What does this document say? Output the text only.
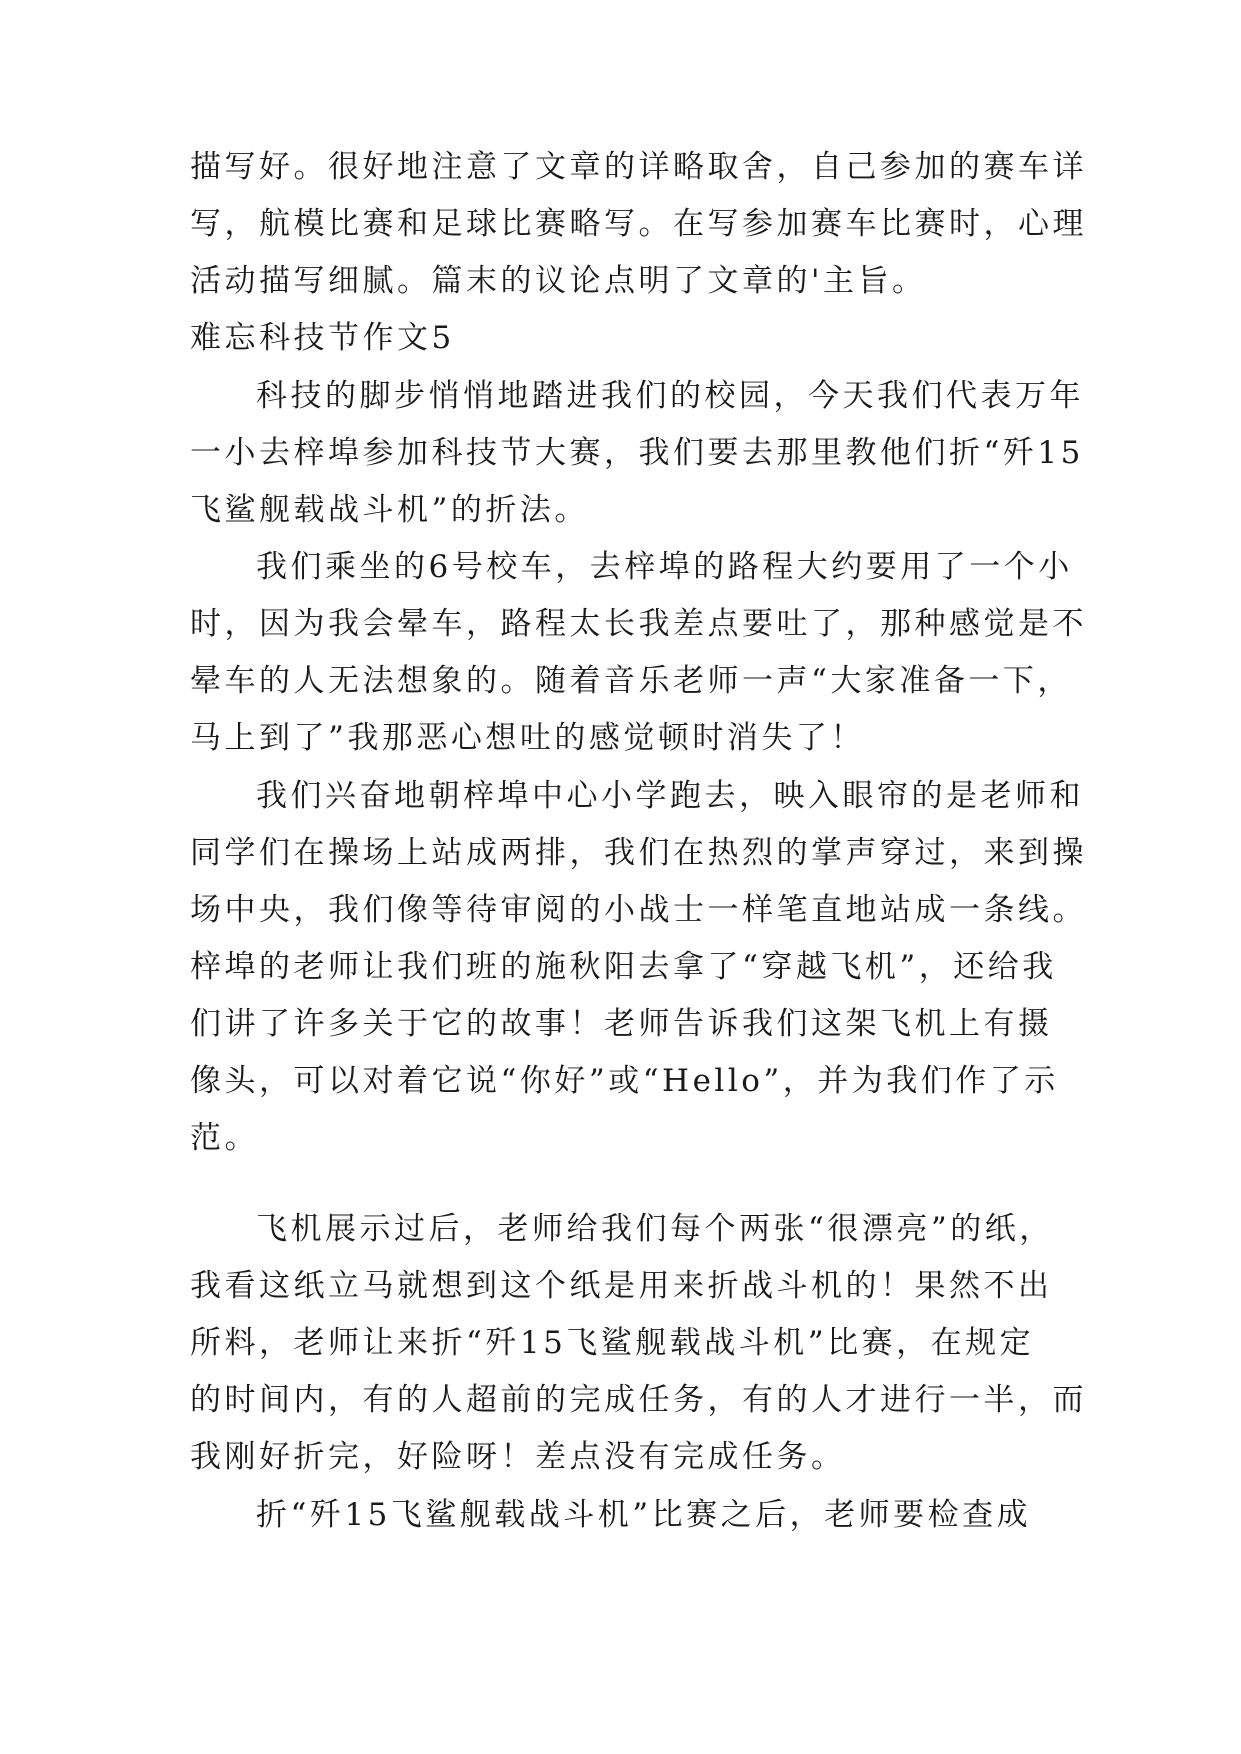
描写好。很好地注意了文章的详略取舍，自己参加的赛车详
写，航模比赛和足球比赛略写。在写参加赛车比赛时，心理
活动描写细腻。篇末的议论点明了文章的'主旨。
难忘科技节作文5
科技的脚步悄悄地踏进我们的校园，今天我们代表万年
一小去梓埠参加科技节大赛，我们要去那里教他们折“歼15
飞鲨舰载战斗机”的折法。
我们乘坐的6号校车，去梓埠的路程大约要用了一个小
时，因为我会晕车，路程太长我差点要吐了，那种感觉是不
晕车的人无法想象的。随着音乐老师一声“大家准备一下，
马上到了”我那恶心想吐的感觉顿时消失了！
我们兴奋地朝梓埠中心小学跑去，映入眼帘的是老师和
同学们在操场上站成两排，我们在热烈的掌声穿过，来到操
场中央，我们像等待审阅的小战士一样笔直地站成一条线。
梓埠的老师让我们班的施秋阳去拿了“穿越飞机”，还给我
们讲了许多关于它的故事！老师告诉我们这架飞机上有摄
像头，可以对着它说“你好”或“Hello”，并为我们作了示
范。
飞机展示过后，老师给我们每个两张“很漂亮”的纸，
我看这纸立马就想到这个纸是用来折战斗机的！果然不出
所料，老师让来折“歼15飞鲨舰载战斗机”比赛，在规定
的时间内，有的人超前的完成任务，有的人才进行一半，而
我刚好折完，好险呀！差点没有完成任务。
折“歼15飞鲨舰载战斗机”比赛之后，老师要检查成
